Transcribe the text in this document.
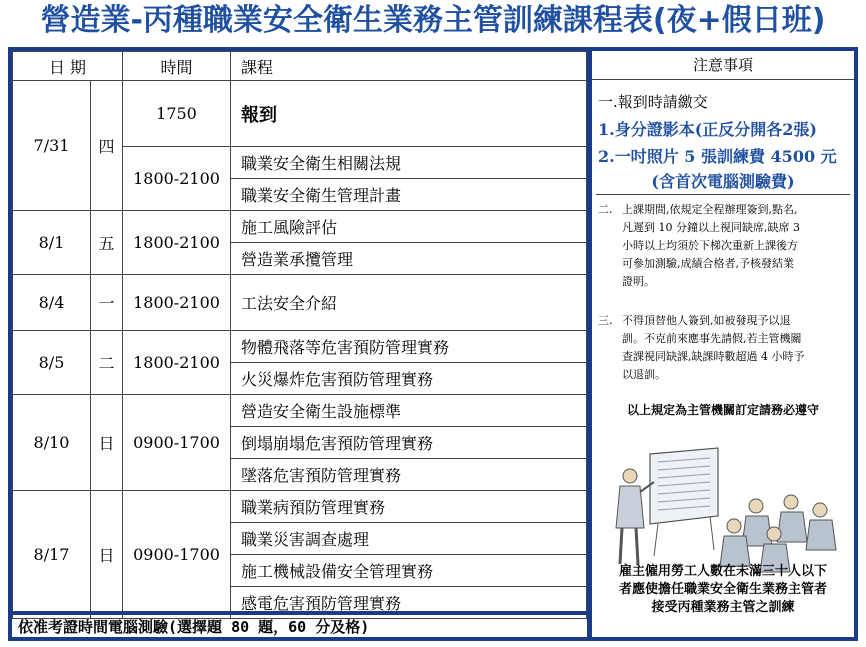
營造業-丙種職業安全衛生業務主管訓練課程表(夜+假日班)
日 期		時間	課程
7/31	四	1750	報到
		1800-2100	職業安全衛生相關法規
			職業安全衛生管理計畫
8/1	五	1800-2100	施工風險評估
			營造業承攬管理
8/4	一	1800-2100	工法安全介紹
8/5	二	1800-2100	物體飛落等危害預防管理實務
			火災爆炸危害預防管理實務
8/10	日	0900-1700	營造安全衛生設施標準
			倒塌崩塌危害預防管理實務
			墜落危害預防管理實務
8/17	日	0900-1700	職業病預防管理實務
			職業災害調查處理
			施工機械設備安全管理實務
			感電危害預防管理實務
依准考證時間電腦測驗(選擇題 80 題，60 分及格)
注意事項
一.報到時請繳交
1.身分證影本(正反分開各2張)
2.一吋照片 5 張訓練費 4500 元
(含首次電腦測驗費)
二. 上課期間,依規定全程辦理簽到,點名,
凡遲到 10 分鐘以上視同缺席,缺席 3
小時以上均須於下梯次重新上課後方
可參加測驗,成績合格者,予核發結業
證明。
三. 不得頂替他人簽到,如被發現予以退
訓。不克前來應事先請假,若主管機關
查課視同缺課,缺課時數超過 4 小時予
以退訓。
以上規定為主管機關訂定請務必遵守
雇主僱用勞工人數在未滿三十人以下
者應使擔任職業安全衛生業務主管者
接受丙種業務主管之訓練
